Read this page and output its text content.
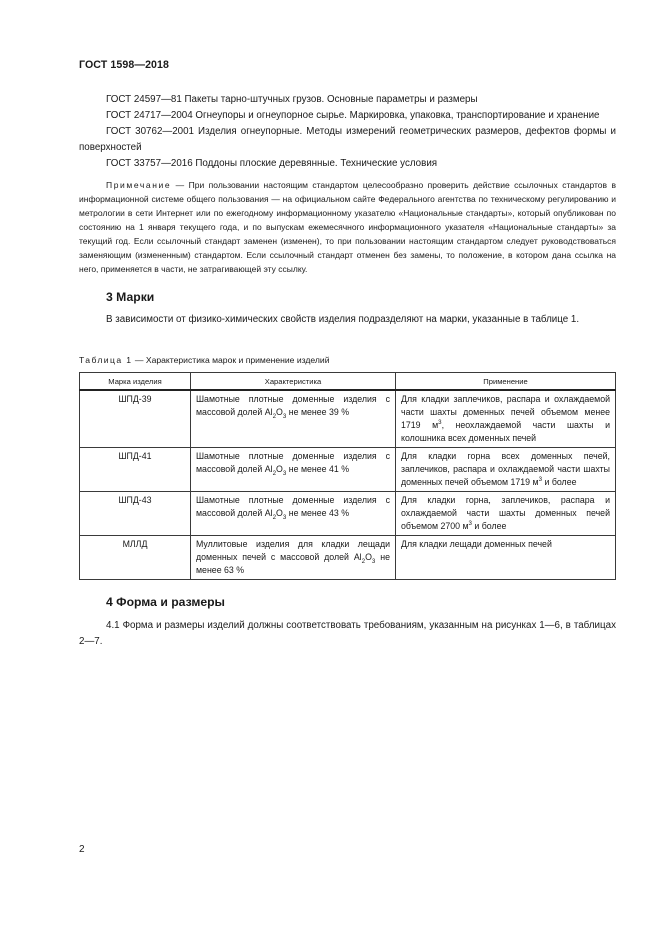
ГОСТ 1598—2018

ГОСТ 24597—81 Пакеты тарно-штучных грузов. Основные параметры и размеры

ГОСТ 24717—2004 Огнеупоры и огнеупорное сырье. Маркировка, упаковка, транспортирование и хранение

ГОСТ 30762—2001 Изделия огнеупорные. Методы измерений геометрических размеров, дефектов формы и поверхностей

ГОСТ 33757—2016 Поддоны плоские деревянные. Технические условия

Примечание — При пользовании настоящим стандартом целесообразно проверить действие ссылочных стандартов в информационной системе общего пользования — на официальном сайте Федерального агентства по техническому регулированию и метрологии в сети Интернет или по ежегодному информационному указателю «Национальные стандарты», который опубликован по состоянию на 1 января текущего года, и по выпускам ежемесячного информационного указателя «Национальные стандарты» за текущий год. Если ссылочный стандарт заменен (изменен), то при пользовании настоящим стандартом следует руководствоваться заменяющим (измененным) стандартом. Если ссылочный стандарт отменен без замены, то положение, в котором дана ссылка на него, применяется в части, не затрагивающей эту ссылку.

3 Марки

В зависимости от физико-химических свойств изделия подразделяют на марки, указанные в таблице 1.

Таблица 1 — Характеристика марок и применение изделий
Марка изделия	Характеристика	Применение
ШПД-39	Шамотные плотные доменные изделия с массовой долей $Al_2O_3$ не менее 39 %	Для кладки заплечиков, распара и охлаждаемой части шахты доменных печей объемом менее 1719 $м^3$, неохлаждаемой части шахты и колошника всех доменных печей
ШПД-41	Шамотные плотные доменные изделия с массовой долей $Al_2O_3$ не менее 41 %	Для кладки горна всех доменных печей, заплечиков, распара и охлаждаемой части шахты доменных печей объемом 1719 $м^3$ и более
ШПД-43	Шамотные плотные доменные изделия с массовой долей $Al_2O_3$ не менее 43 %	Для кладки горна, заплечиков, распара и охлаждаемой части шахты доменных печей объемом 2700 $м^3$ и более
МЛЛД	Муллитовые изделия для кладки лещади доменных печей с массовой долей $Al_2O_3$ не менее 63 %	Для кладки лещади доменных печей
4 Форма и размеры

4.1 Форма и размеры изделий должны соответствовать требованиям, указанным на рисунках 1—6, в таблицах 2—7.

2
